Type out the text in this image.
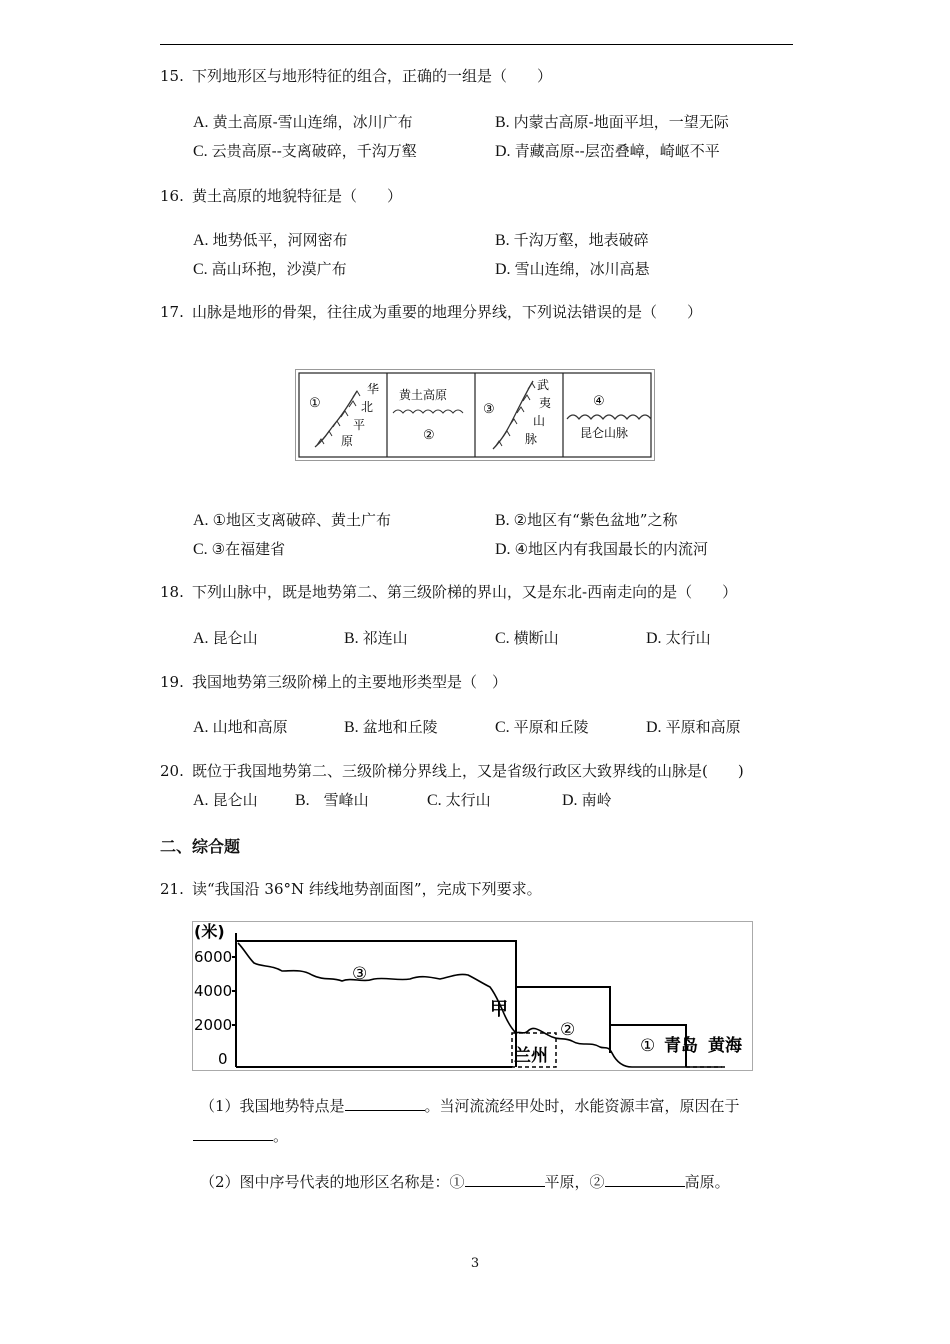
15. 下列地形区与地形特征的组合，正确的一组是（　　）
A. 黄土高原-雪山连绵，冰川广布	B. 内蒙古高原-地面平坦，一望无际
C. 云贵高原--支离破碎，千沟万壑	D. 青藏高原--层峦叠嶂，崎岖不平
16. 黄土高原的地貌特征是（　　）
A. 地势低平，河网密布	B. 千沟万壑，地表破碎
C. 高山环抱，沙漠广布	D. 雪山连绵，冰川高悬
17. 山脉是地形的骨架，往往成为重要的地理分界线，下列说法错误的是（　　）
①
华
北
平
原
黄土高原
②
③
武
夷
山
脉
④
昆仑山脉
A. ①地区支离破碎、黄土广布	B. ②地区有“紫色盆地”之称
C. ③在福建省	D. ④地区内有我国最长的内流河
18. 下列山脉中，既是地势第二、第三级阶梯的界山，又是东北-西南走向的是（　　）
A. 昆仑山	B. 祁连山	C. 横断山	D. 太行山
19. 我国地势第三级阶梯上的主要地形类型是（　）
A. 山地和高原	B. 盆地和丘陵	C. 平原和丘陵	D. 平原和高原
20. 既位于我国地势第二、三级阶梯分界线上，又是省级行政区大致界线的山脉是(　　)
A. 昆仑山 B. 雪峰山	C. 太行山	D. 南岭
二、综合题
21. 读“我国沿 36°N 纬线地势剖面图”，完成下列要求。
(米)
6000
4000
2000
0
③
甲
②
兰州	① 青岛 黄海
（1）我国地势特点是	。当河流流经甲处时，水能资源丰富，原因在于
。
（2）图中序号代表的地形区名称是：①	平原，②	高原。
3
